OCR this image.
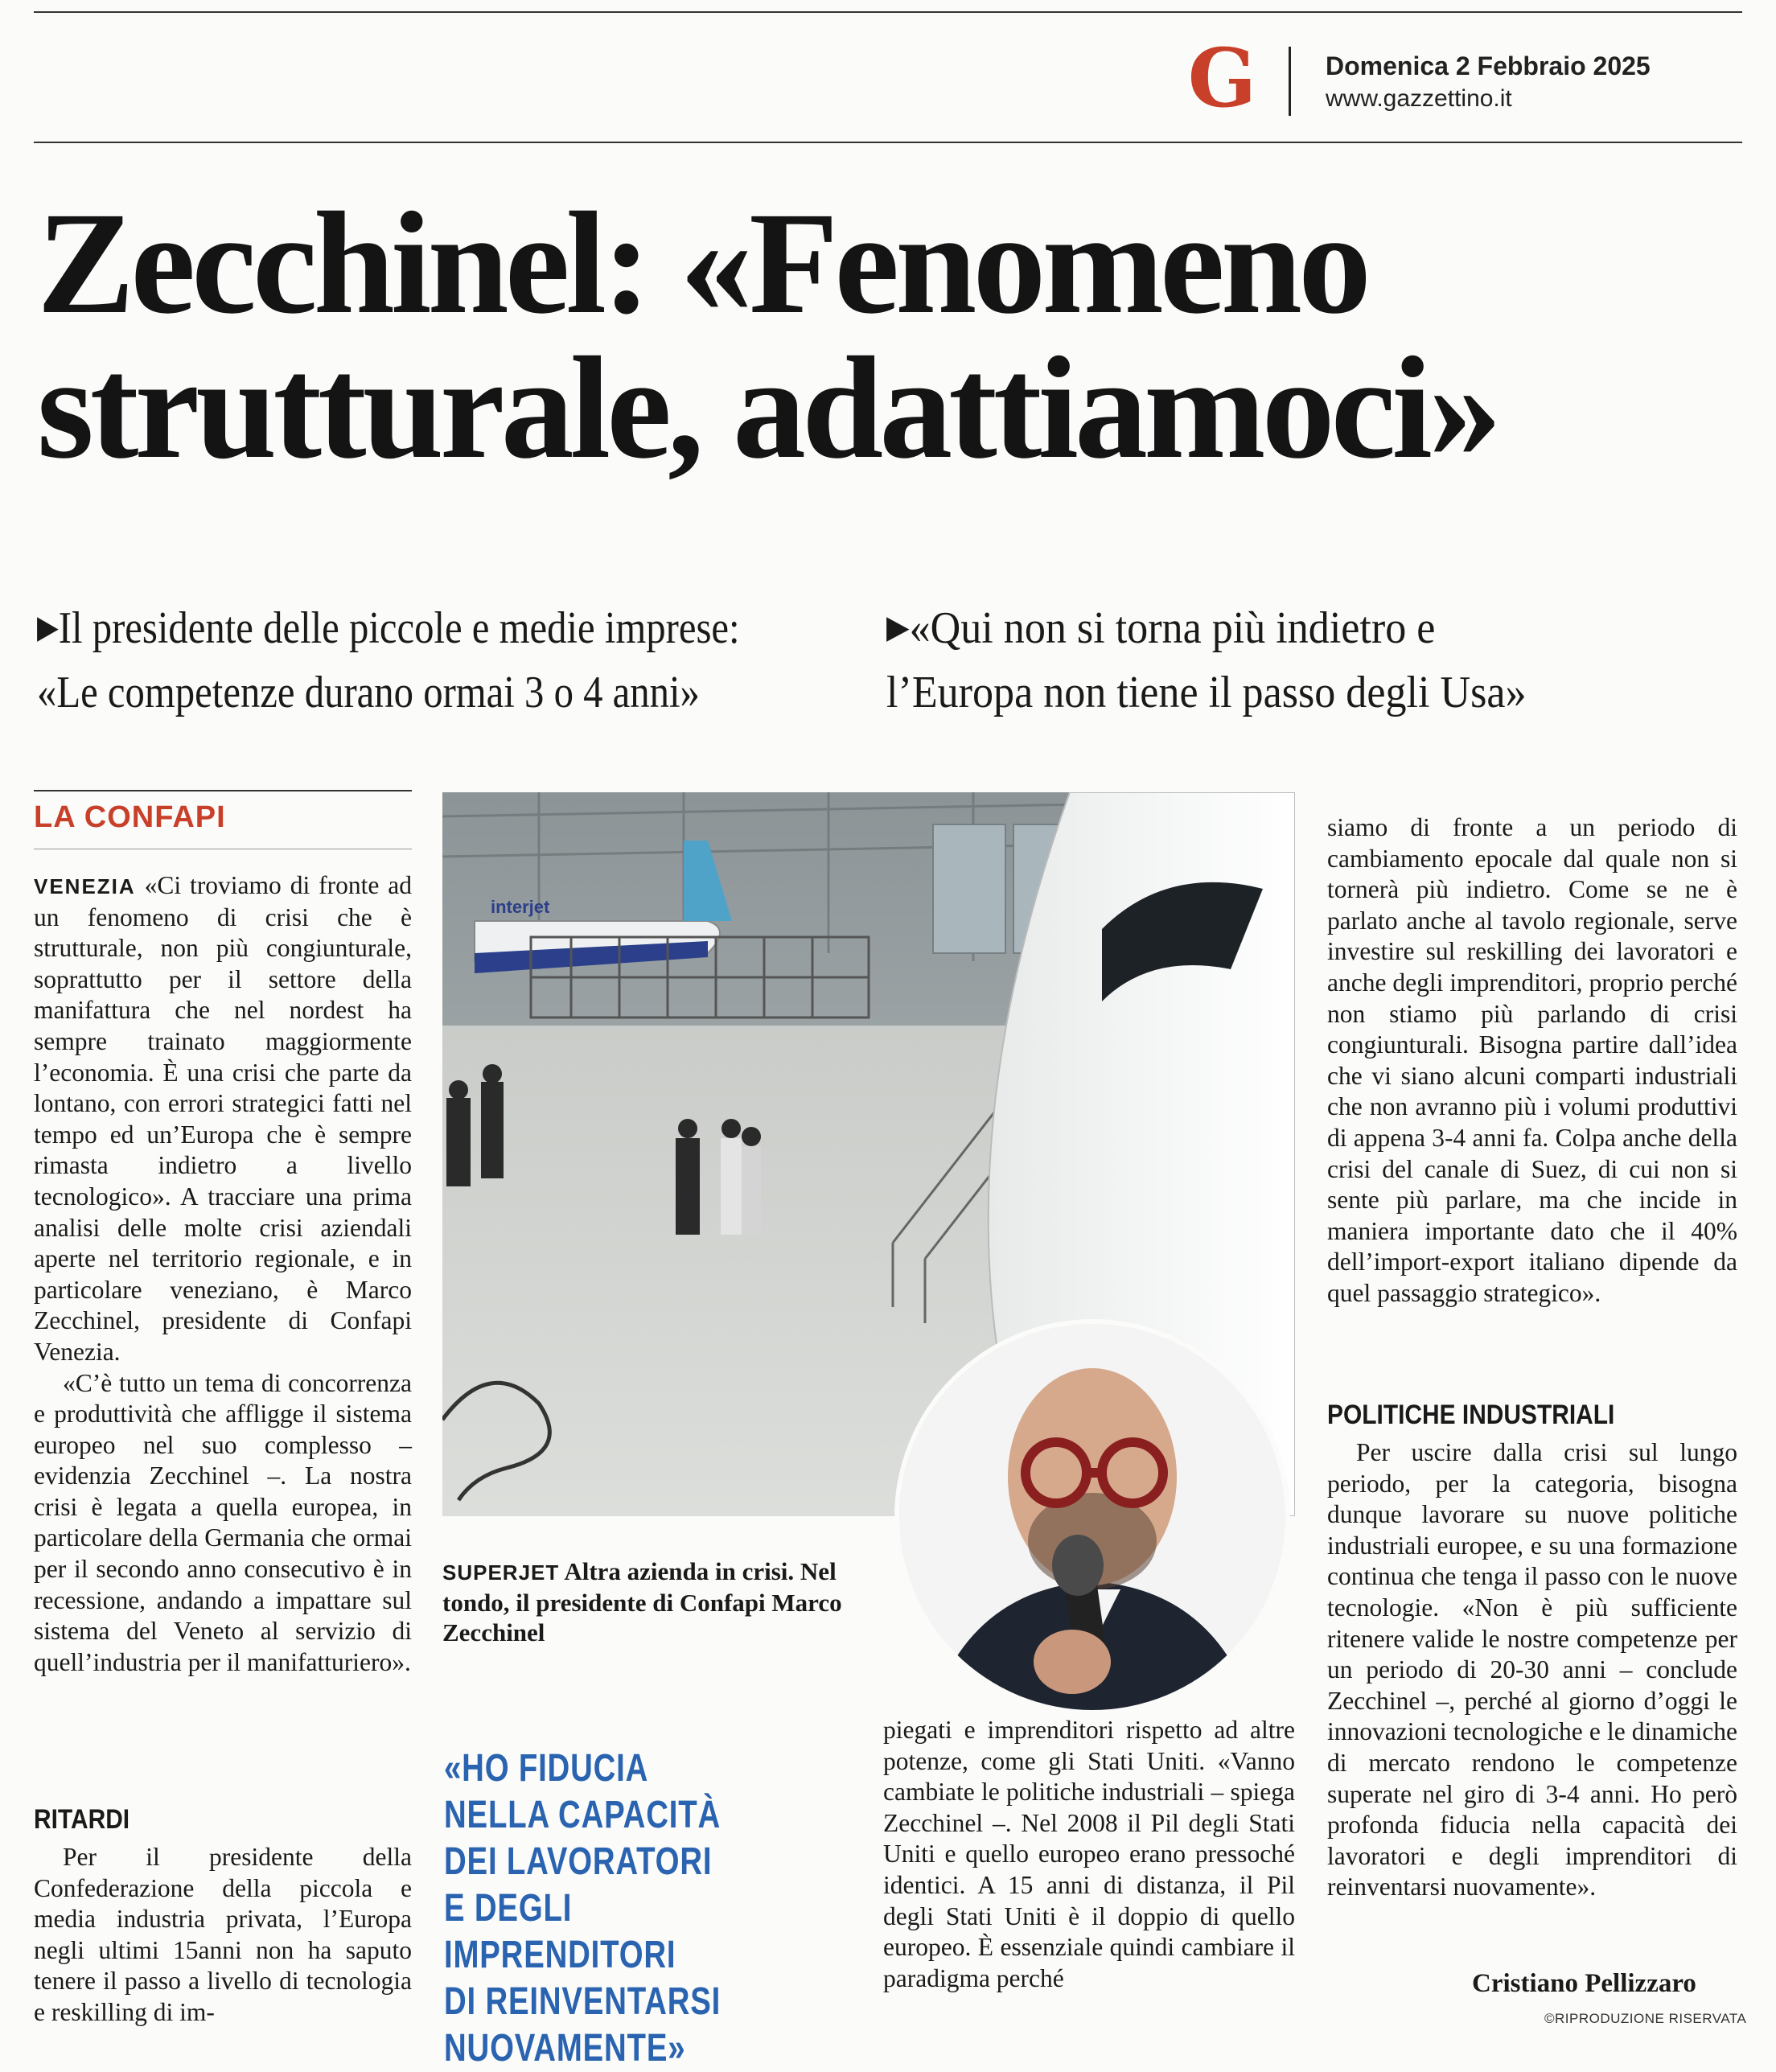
G	Domenica 2 Febbraio 2025
www.gazzettino.it
Zecchinel: «Fenomeno
strutturale, adattiamoci»
▶Il presidente delle piccole e medie imprese:
«Le competenze durano ormai 3 o 4 anni»
▶«Qui non si torna più indietro e
l’Europa non tiene il passo degli Usa»
LA CONFAPI

VENEZIA «Ci troviamo di fronte ad un fenomeno di crisi che è strutturale, non più congiunturale, soprattutto per il settore della manifattura che nel nordest ha sempre trainato maggiormente l’economia. È una crisi che parte da lontano, con errori strategici fatti nel tempo ed un’Europa che è sempre rimasta indietro a livello tecnologico». A tracciare una prima analisi delle molte crisi aziendali aperte nel territorio regionale, e in particolare veneziano, è Marco Zecchinel, presidente di Confapi Venezia.

«C’è tutto un tema di concorrenza e produttività che affligge il sistema europeo nel suo complesso – evidenzia Zecchinel –. La nostra crisi è legata a quella europea, in particolare della Germania che ormai per il secondo anno consecutivo è in recessione, andando a impattare sul sistema del Veneto al servizio di quell’industria per il manifatturiero».

RITARDI

Per il presidente della Confederazione della piccola e media industria privata, l’Europa negli ultimi 15anni non ha saputo tenere il passo a livello di tecnologia e reskilling di im-

interjet
SUPERJET Altra azienda in crisi. Nel tondo, il presidente di Confapi Marco Zecchinel
«HO FIDUCIA
NELLA CAPACITÀ
DEI LAVORATORI
E DEGLI IMPRENDITORI
DI REINVENTARSI
NUOVAMENTE»

piegati e imprenditori rispetto ad altre potenze, come gli Stati Uniti. «Vanno cambiate le politiche industriali – spiega Zecchinel –. Nel 2008 il Pil degli Stati Uniti e quello europeo erano pressoché identici. A 15 anni di distanza, il Pil degli Stati Uniti è il doppio di quello europeo. È essenziale quindi cambiare il paradigma perché

siamo di fronte a un periodo di cambiamento epocale dal quale non si tornerà più indietro. Come se ne è parlato anche al tavolo regionale, serve investire sul reskilling dei lavoratori e anche degli imprenditori, proprio perché non stiamo più parlando di crisi congiunturali. Bisogna partire dall’idea che vi siano alcuni comparti industriali che non avranno più i volumi produttivi di appena 3-4 anni fa. Colpa anche della crisi del canale di Suez, di cui non si sente più parlare, ma che incide in maniera importante dato che il 40% dell’import-export italiano dipende da quel passaggio strategico».

POLITICHE INDUSTRIALI

Per uscire dalla crisi sul lungo periodo, per la categoria, bisogna dunque lavorare su nuove politiche industriali europee, e su una formazione continua che tenga il passo con le nuove tecnologie. «Non è più sufficiente ritenere valide le nostre competenze per un periodo di 20-30 anni – conclude Zecchinel –, perché al giorno d’oggi le innovazioni tecnologiche e le dinamiche di mercato rendono le competenze superate nel giro di 3-4 anni. Ho però profonda fiducia nella capacità dei lavoratori e degli imprenditori di reinventarsi nuovamente».

Cristiano Pellizzaro
©RIPRODUZIONE RISERVATA
